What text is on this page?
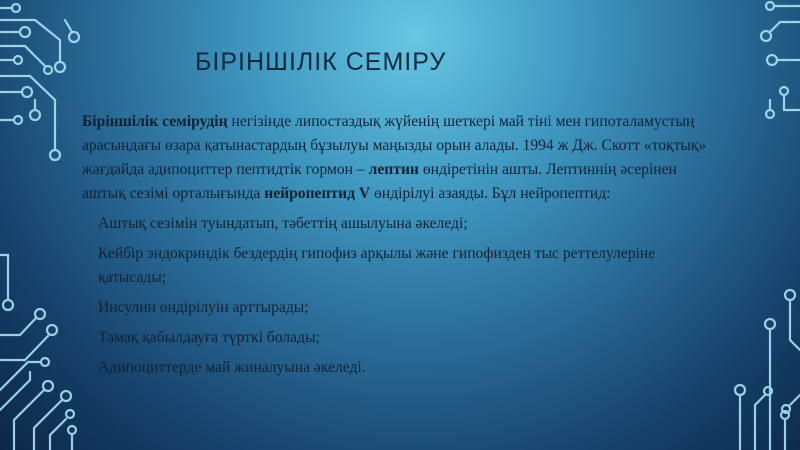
БІРІНШІЛІК СЕМІРУ

Біріншілік семірудің негізінде липостаздық жүйенің шеткері май тіні мен гипоталамустың арасындағы өзара қатынастардың бұзылуы маңызды орын алады. 1994 ж Дж. Скотт «тоқтық» жағдайда адипоциттер пептидтік гормон – лептин өндіретінін ашты. Лептиннің әсерінен аштық сезімі орталығында нейропептид V өндірілуі азаяды. Бұл нейропептид:

Аштық сезімін туындатып, тәбеттің ашылуына әкеледі;
Кейбір эндокриндік бездердің гипофиз арқылы және гипофизден тыс реттелулеріне қатысады;
Инсулин өндірілуін арттырады;
Тамақ қабылдауға түрткі болады;
Адипоциттерде май жиналуына әкеледі.
